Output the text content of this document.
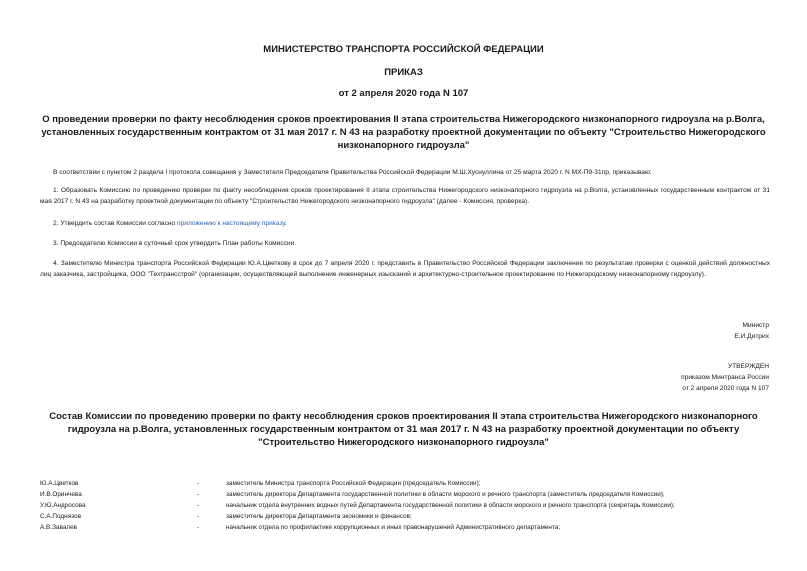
МИНИСТЕРСТВО ТРАНСПОРТА РОССИЙСКОЙ ФЕДЕРАЦИИ
ПРИКАЗ
от 2 апреля 2020 года N 107
О проведении проверки по факту несоблюдения сроков проектирования II этапа строительства Нижегородского низконапорного гидроузла на р.Волга, установленных государственным контрактом от 31 мая 2017 г. N 43 на разработку проектной документации по объекту "Строительство Нижегородского низконапорного гидроузла"
В соответствии с пунктом 2 раздела I протокола совещания у Заместителя Председателя Правительства Российской Федерации М.Ш.Хуснуллина от 25 марта 2020 г. N МХ-П9-31пр, приказываю:
1. Образовать Комиссию по проведению проверки по факту несоблюдения сроков проектирования II этапа строительства Нижегородского низконапорного гидроузла на р.Волга, установленных государственным контрактом от 31 мая 2017 г. N 43 на разработку проектной документации по объекту "Строительство Нижегородского низконапорного гидроузла" (далее - Комиссия, проверка).
2. Утвердить состав Комиссии согласно приложению к настоящему приказу.
3. Председателю Комиссии в суточный срок утвердить План работы Комиссии.
4. Заместителю Министра транспорта Российской Федерации Ю.А.Цветкову в срок до 7 апреля 2020 г. представить в Правительство Российской Федерации заключение по результатам проверки с оценкой действий должностных лиц заказчика, застройщика, ООО "Техтрансстрой" (организации, осуществляющей выполнение инженерных изысканий и архитектурно-строительное проектирование по Нижегородскому низконапорному гидроузлу).
Министр
Е.И.Дитрих
УТВЕРЖДЕН
приказом Минтранса России
от 2 апреля 2020 года N 107
Состав Комиссии по проведению проверки по факту несоблюдения сроков проектирования II этапа строительства Нижегородского низконапорного гидроузла на р.Волга, установленных государственным контрактом от 31 мая 2017 г. N 43 на разработку проектной документации по объекту "Строительство Нижегородского низконапорного гидроузла"
Ю.А.Цветков	-	заместитель Министра транспорта Российской Федерации (председатель Комиссии);
И.В.Оринчева	-	заместитель директора Департамента государственной политики в области морского и речного транспорта (заместитель председателя Комиссии);
У.Ю.Андросова	-	начальник отдела внутренних водных путей Департамента государственной политики в области морского и речного транспорта (секретарь Комиссии);
С.А.Поднязов	-	заместитель директора Департамента экономики и финансов;
А.В.Завалев	-	начальник отдела по профилактике коррупционных и иных правонарушений Административного департамента;
